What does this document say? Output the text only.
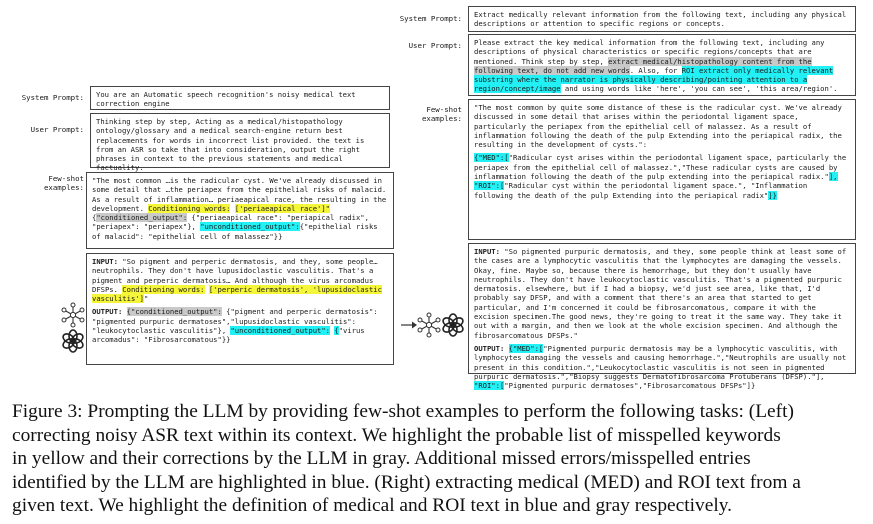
System Prompt: You are an Automatic speech recognition's noisy medical text correction engine
User Prompt:
Thinking step by step, Acting as a medical/histopathology ontology/glossary and a medical search-engine return best replacements for words in incorrect list provided. the text is from an ASR so take that into consideration, output the right phrases in context to the previous statements and medical factuality.
Few-shot
examples:
"The most common …is the radicular cyst. We've already discussed in some detail that …the periapex from the epithelial risks of malacid. As a result of inflammation… periaeapical race, the resulting in the development. Conditioning words: ['periaeapical race']" {"conditioned_output": {"periaeapical race": "periapical radix", "periapex": "periapex"}, "unconditioned_output":{"epithelial risks of malacid": "epithelial cell of malassez"}}
INPUT: "So pigment and perperic dermatosis, and they, some people… neutrophils. They don't have lupusidoclastic vasculitis. That's a pigment and perperic dermatosis… And although the virus arcomadus DFSPs. Conditioning words: ['perperic dermatosis', 'lupusidoclastic vasculitis']"
OUTPUT: {"conditioned_output": {"pigment and perperic dermatosis": "pigmented purpuric dermatoses","lupusidoclastic vasculitis": "leukocytoclastic vasculitis"}, "unconditioned_output": {"virus arcomadus": "Fibrosarcomatous"}}
System Prompt: Extract medically relevant information from the following text, including any physical descriptions or attention to specific regions or concepts.
User Prompt:	Please extract the key medical information from the following text, including any descriptions of physical characteristics or specific regions/concepts that are mentioned. Think step by step, extract medical/histopathology content from the following text, do not add new words. Also, for ROI extract only medically relevant substring where the narrator is physically describing/pointing attention to a region/concept/image and using words like 'here', 'you can see', 'this area/region'.
Few-shot
examples:
"The most common by quite some distance of these is the radicular cyst. We've already discussed in some detail that arises within the periodontal ligament space, particularly the periapex from the epithelial cell of malassez. As a result of inflammation following the death of the pulp Extending into the periapical radix, the resulting in the development of cysts.":
{"MED":["Radicular cyst arises within the periodontal ligament space, particularly the periapex from the epithelial cell of malassez.","These radicular cysts are caused by inflammation following the death of the pulp extending into the periapical radix."], "ROI":["Radicular cyst within the periodontal ligament space.", "Inflammation following the death of the pulp Extending into the periapical radix"]}
INPUT: "So pigmented purpuric dermatosis, and they, some people think at least some of the cases are a lymphocytic vasculitis that the lymphocytes are damaging the vessels. Okay, fine. Maybe so, because there is hemorrhage, but they don't usually have neutrophils. They don't have leukocytoclastic vasculitis. That's a pigmented purpuric dermatosis. elsewhere, but if I had a biopsy, we'd just see area, like that, I'd probably say DFSP, and with a comment that there's an area that started to get particular, and I'm concerned it could be fibrosarcomatous, compare it with the excision specimen.The good news, they're going to treat it the same way. They take it out with a margin, and then we look at the whole excision specimen. And although the fibrosarcomatous DFSPs."
OUTPUT: {"MED":["Pigmented purpuric dermatosis may be a lymphocytic vasculitis, with lymphocytes damaging the vessels and causing hemorrhage.","Neutrophils are usually not present in this condition.","Leukocytoclastic vasculitis is not seen in pigmented purpuric dermatosis.","Biopsy suggests Dermatofibrosarcoma Protuberans (DFSP)."], "ROI":["Pigmented purpuric dermatoses","Fibrosarcomatous DFSPs"]}
Figure 3: Prompting the LLM by providing few-shot examples to perform the following tasks: (Left)
correcting noisy ASR text within its context. We highlight the probable list of misspelled keywords
in yellow and their corrections by the LLM in gray. Additional missed errors/misspelled entries
identified by the LLM are highlighted in blue. (Right) extracting medical (MED) and ROI text from a
given text. We highlight the definition of medical and ROI text in blue and gray respectively.
